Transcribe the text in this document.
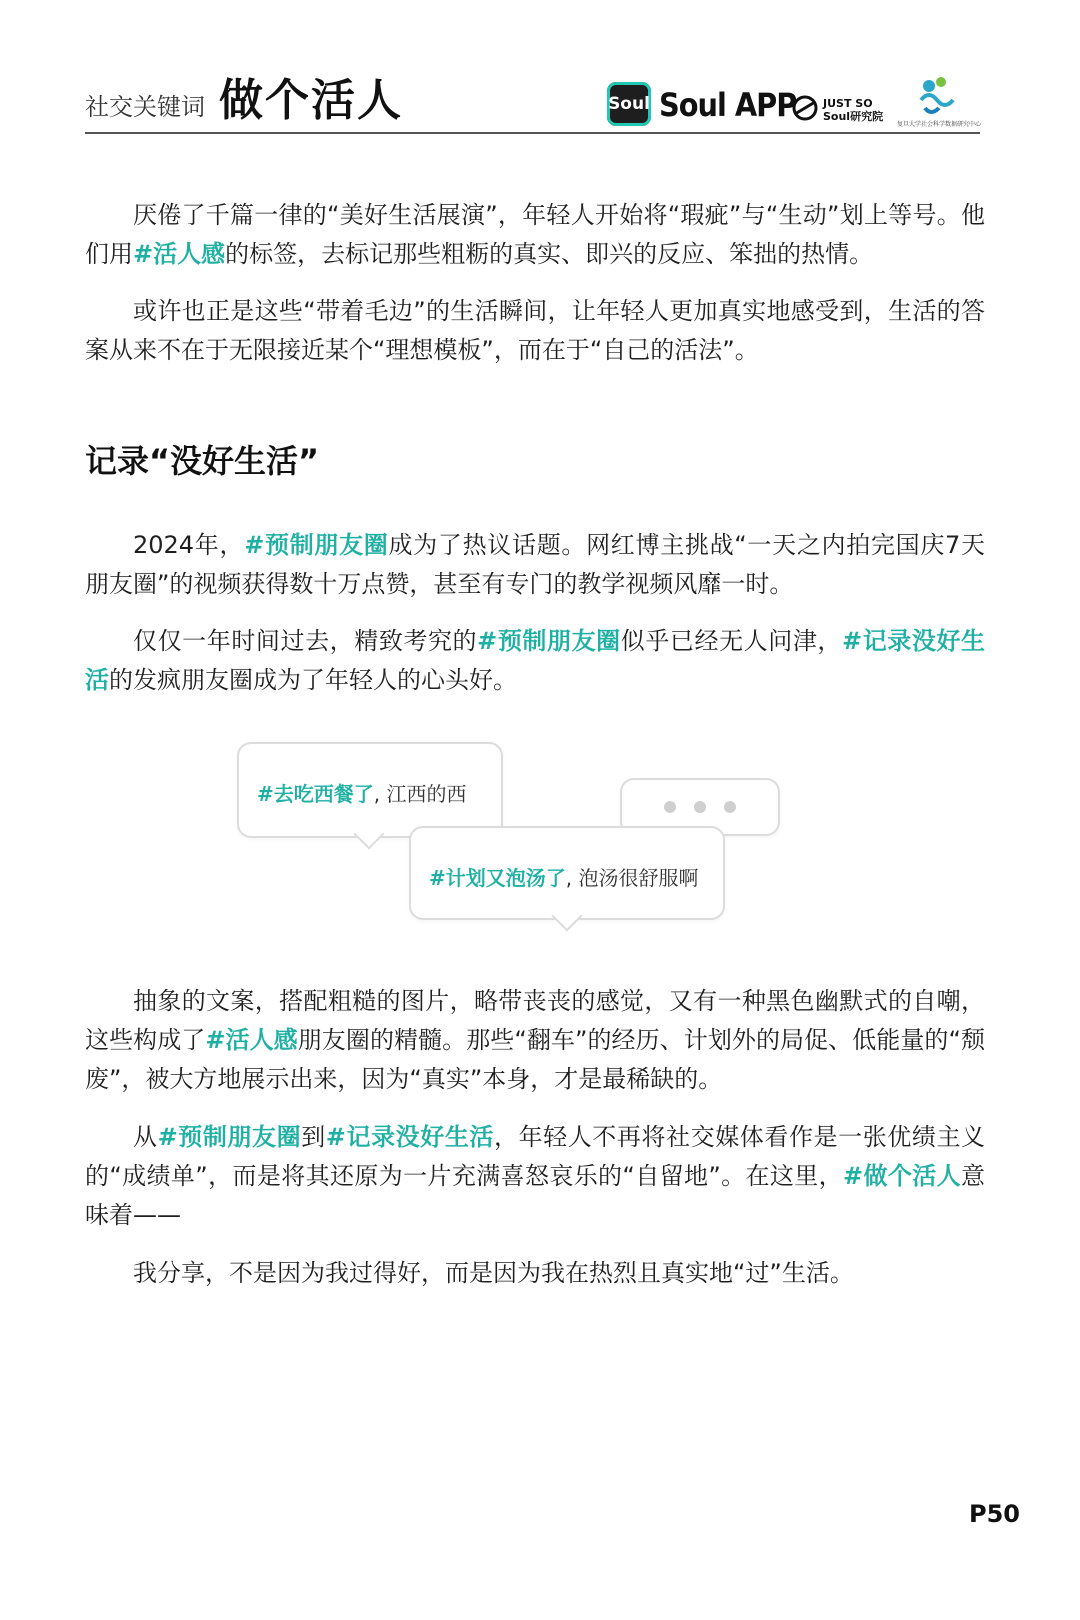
社交关键词 做个活人	Soul Soul APP JUST SO
Soul研究院
复旦大学社会科学数据研究中心

厌倦了千篇一律的“美好生活展演”，年轻人开始将“瑕疵”与“生动”划上等号。他们用#活人感的标签，去标记那些粗粝的真实、即兴的反应、笨拙的热情。

或许也正是这些“带着毛边”的生活瞬间，让年轻人更加真实地感受到，生活的答案从来不在于无限接近某个“理想模板”，而在于“自己的活法”。

记录“没好生活”

2024年，#预制朋友圈成为了热议话题。网红博主挑战“一天之内拍完国庆7天朋友圈”的视频获得数十万点赞，甚至有专门的教学视频风靡一时。

仅仅一年时间过去，精致考究的#预制朋友圈似乎已经无人问津，#记录没好生活的发疯朋友圈成为了年轻人的心头好。

#去吃西餐了, 江西的西
#计划又泡汤了, 泡汤很舒服啊

抽象的文案，搭配粗糙的图片，略带丧丧的感觉，又有一种黑色幽默式的自嘲，这些构成了#活人感朋友圈的精髓。那些“翻车”的经历、计划外的局促、低能量的“颓废”，被大方地展示出来，因为“真实”本身，才是最稀缺的。

从#预制朋友圈到#记录没好生活，年轻人不再将社交媒体看作是一张优绩主义的“成绩单”，而是将其还原为一片充满喜怒哀乐的“自留地”。在这里，#做个活人意味着——

我分享，不是因为我过得好，而是因为我在热烈且真实地“过”生活。

P50
